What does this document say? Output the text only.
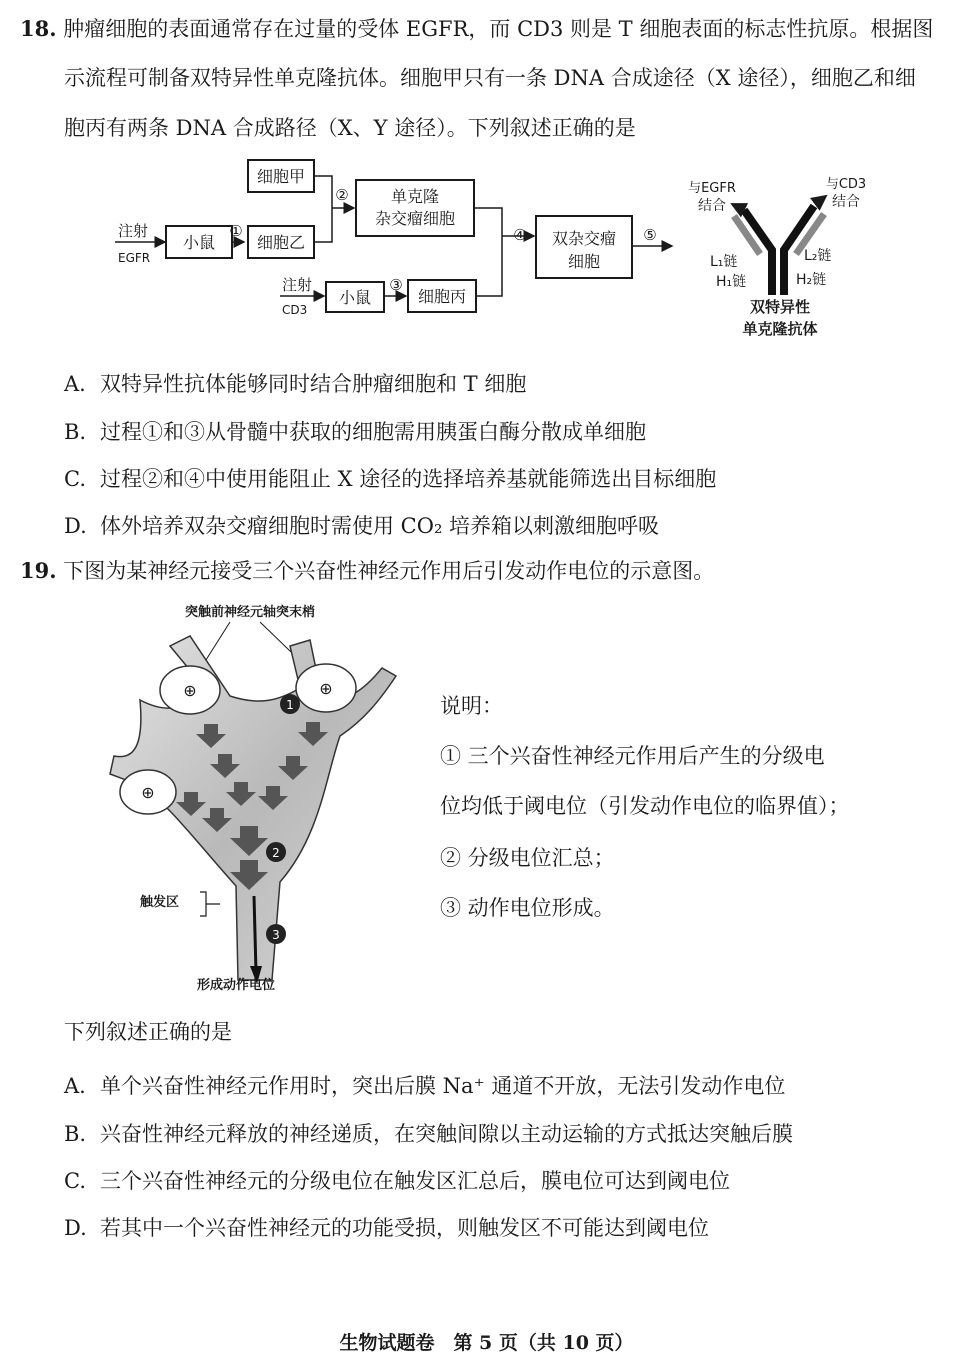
18. 肿瘤细胞的表面通常存在过量的受体 EGFR，而 CD3 则是 T 细胞表面的标志性抗原。根据图
示流程可制备双特异性单克隆抗体。细胞甲只有一条 DNA 合成途径（X 途径），细胞乙和细
胞丙有两条 DNA 合成路径（X、Y 途径）。下列叙述正确的是
注射
EGFR
小鼠
①
细胞乙
细胞甲
②	单克隆
杂交瘤细胞
注射
CD3
小鼠
③
细胞丙
④ 双杂交瘤
细胞
⑤
与EGFR
结合
与CD3
结合
L₁链
H₁链
L₂链
H₂链
双特异性
单克隆抗体
A. 双特异性抗体能够同时结合肿瘤细胞和 T 细胞
B. 过程①和③从骨髓中获取的细胞需用胰蛋白酶分散成单细胞
C. 过程②和④中使用能阻止 X 途径的选择培养基就能筛选出目标细胞
D. 体外培养双杂交瘤细胞时需使用 CO₂ 培养箱以刺激细胞呼吸
19. 下图为某神经元接受三个兴奋性神经元作用后引发动作电位的示意图。
突触前神经元轴突末梢
⊕	⊕
⊕
1
2
3
触发区
形成动作电位
说明：
① 三个兴奋性神经元作用后产生的分级电
位均低于阈电位（引发动作电位的临界值）；
② 分级电位汇总；
③ 动作电位形成。
下列叙述正确的是
A. 单个兴奋性神经元作用时，突出后膜 Na⁺ 通道不开放，无法引发动作电位
B. 兴奋性神经元释放的神经递质，在突触间隙以主动运输的方式抵达突触后膜
C. 三个兴奋性神经元的分级电位在触发区汇总后，膜电位可达到阈电位
D. 若其中一个兴奋性神经元的功能受损，则触发区不可能达到阈电位
生物试题卷　第 5 页（共 10 页）
